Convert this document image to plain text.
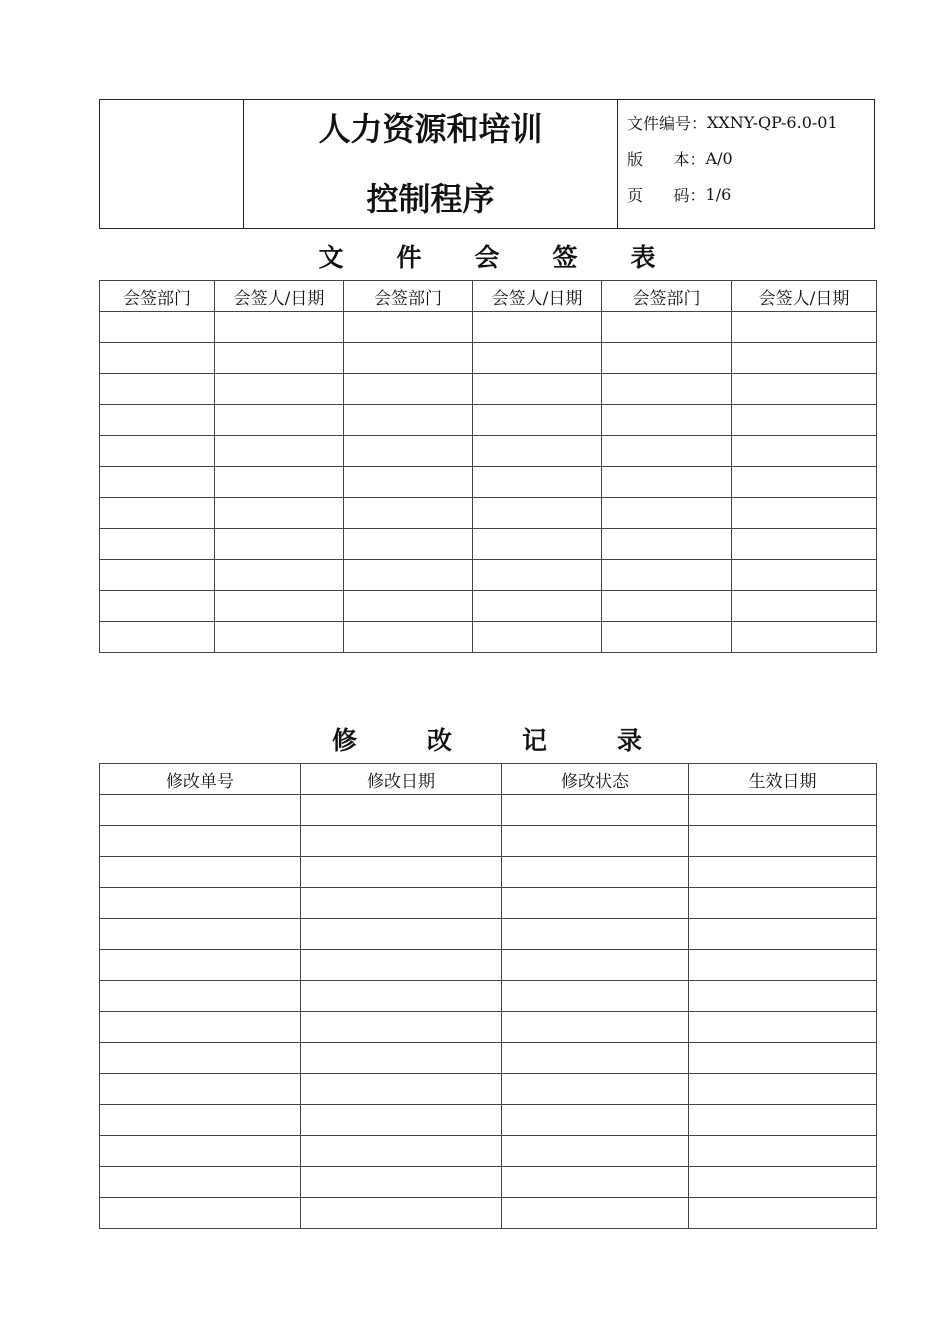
人力资源和培训
控制程序
文件编号： XXNY-QP-6.0-01
版      本： A/0
页      码： 1/6
文 件 会 签 表
会签部门	会签人/日期	会签部门	会签人/日期	会签部门	会签人/日期

修	改	记	录
修改单号	修改日期	修改状态	生效日期
